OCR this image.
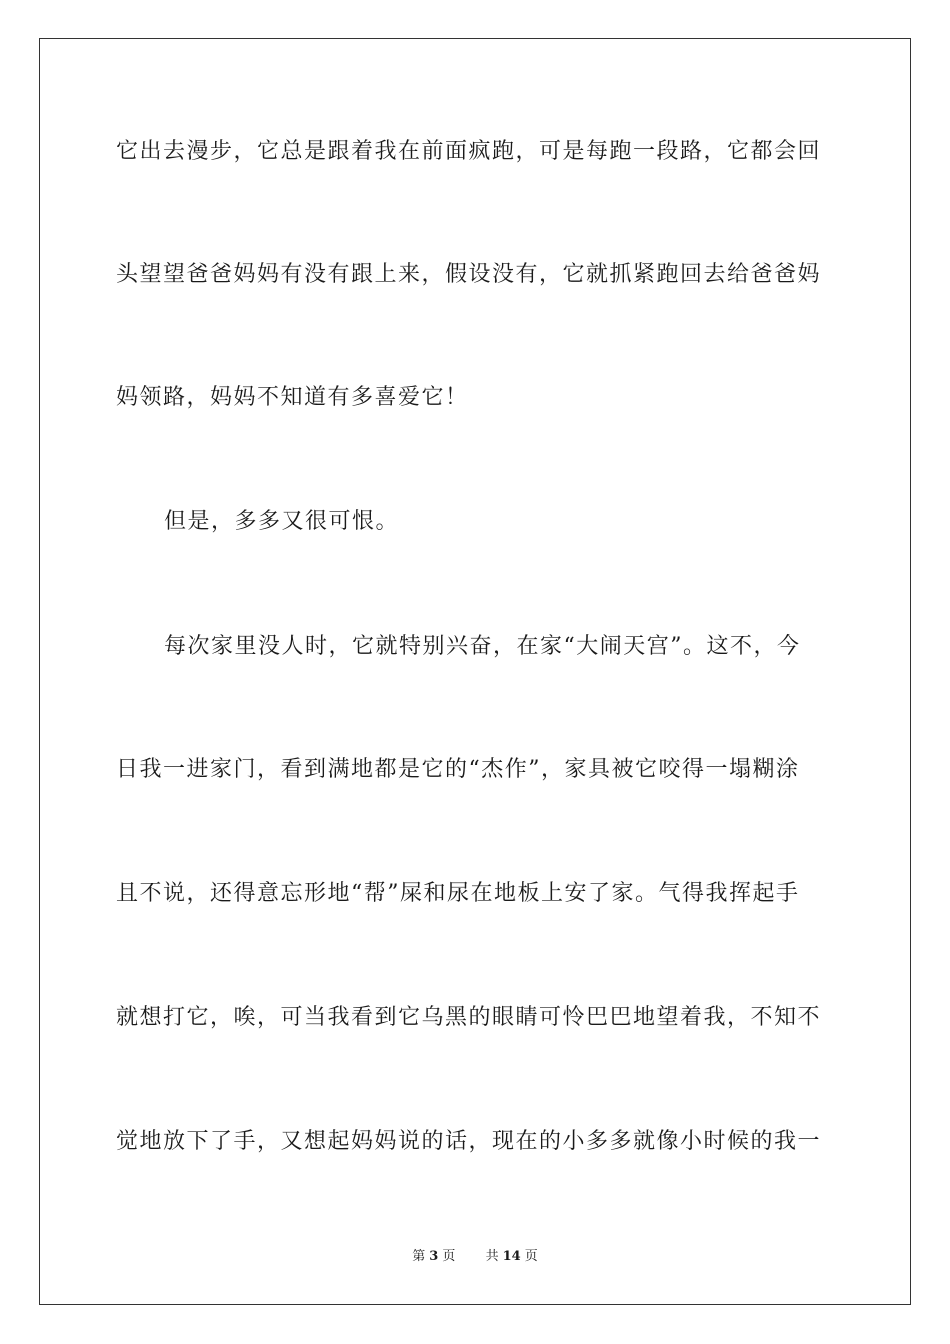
它出去漫步，它总是跟着我在前面疯跑，可是每跑一段路，它都会回
头望望爸爸妈妈有没有跟上来，假设没有，它就抓紧跑回去给爸爸妈
妈领路，妈妈不知道有多喜爱它！
但是，多多又很可恨。
每次家里没人时，它就特别兴奋，在家“大闹天宫”。这不，今
日我一进家门，看到满地都是它的“杰作”，家具被它咬得一塌糊涂
且不说，还得意忘形地“帮”屎和尿在地板上安了家。气得我挥起手
就想打它，唉，可当我看到它乌黑的眼睛可怜巴巴地望着我，不知不
觉地放下了手，又想起妈妈说的话，现在的小多多就像小时候的我一
第 3 页 共 14 页
